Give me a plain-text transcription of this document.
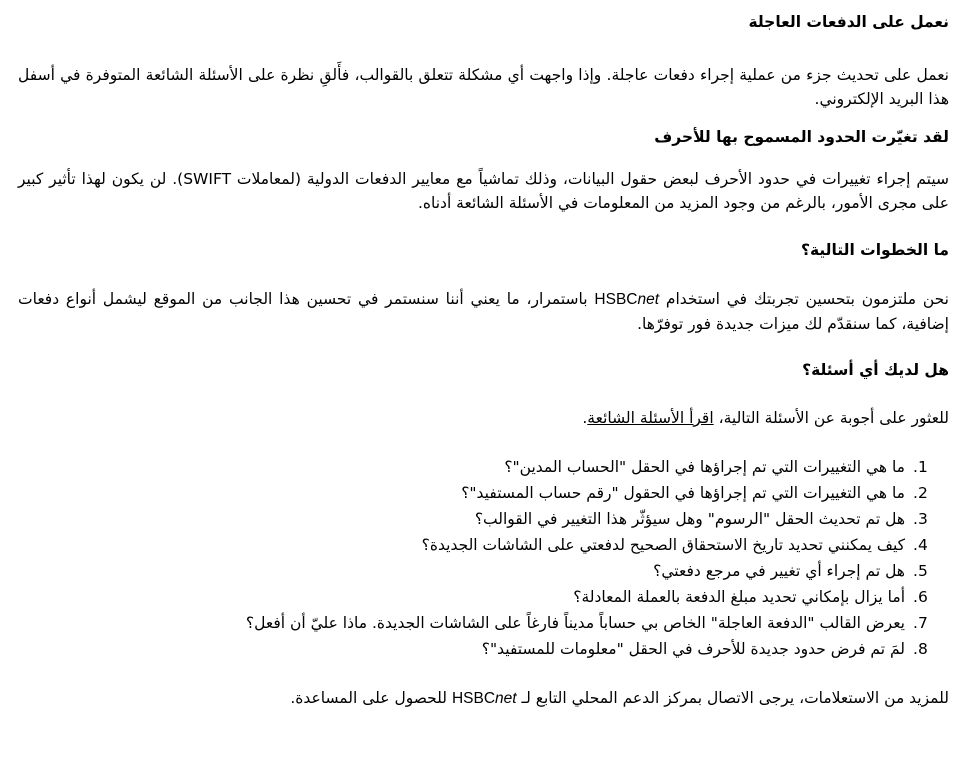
نعمل على الدفعات العاجلة

نعمل على تحديث جزء من عملية إجراء دفعات عاجلة. وإذا واجهت أي مشكلة تتعلق بالقوالب، فأَلقِ نظرة على الأسئلة الشائعة المتوفرة في أسفل هذا البريد الإلكتروني.

لقد تغيّرت الحدود المسموح بها للأحرف

سيتم إجراء تغييرات في حدود الأحرف لبعض حقول البيانات، وذلك تماشياً مع معايير الدفعات الدولية (لمعاملات SWIFT). لن يكون لهذا تأثير كبير على مجرى الأمور، بالرغم من وجود المزيد من المعلومات في الأسئلة الشائعة أدناه.

ما الخطوات التالية؟

نحن ملتزمون بتحسين تجربتك في استخدام HSBCnet باستمرار، ما يعني أننا سنستمر في تحسين هذا الجانب من الموقع ليشمل أنواع دفعات إضافية، كما سنقدّم لك ميزات جديدة فور توفرّها.

هل لديك أي أسئلة؟

للعثور على أجوبة عن الأسئلة التالية، اقرأ الأسئلة الشائعة.

1.
ما هي التغييرات التي تم إجراؤها في الحقل "الحساب المدين"؟
2.
ما هي التغييرات التي تم إجراؤها في الحقول "رقم حساب المستفيد"؟
3.
هل تم تحديث الحقل "الرسوم" وهل سيؤثّر هذا التغيير في القوالب؟
4.
كيف يمكنني تحديد تاريخ الاستحقاق الصحيح لدفعتي على الشاشات الجديدة؟
5.
هل تم إجراء أي تغيير في مرجع دفعتي؟
6.
أما يزال بإمكاني تحديد مبلغ الدفعة بالعملة المعادلة؟
7.
يعرض القالب "الدفعة العاجلة" الخاص بي حساباً مديناً فارغاً على الشاشات الجديدة. ماذا عليّ أن أفعل؟
8.
لمَ تم فرض حدود جديدة للأحرف في الحقل "معلومات للمستفيد"؟

للمزيد من الاستعلامات، يرجى الاتصال بمركز الدعم المحلي التابع لـ HSBCnet للحصول على المساعدة.
